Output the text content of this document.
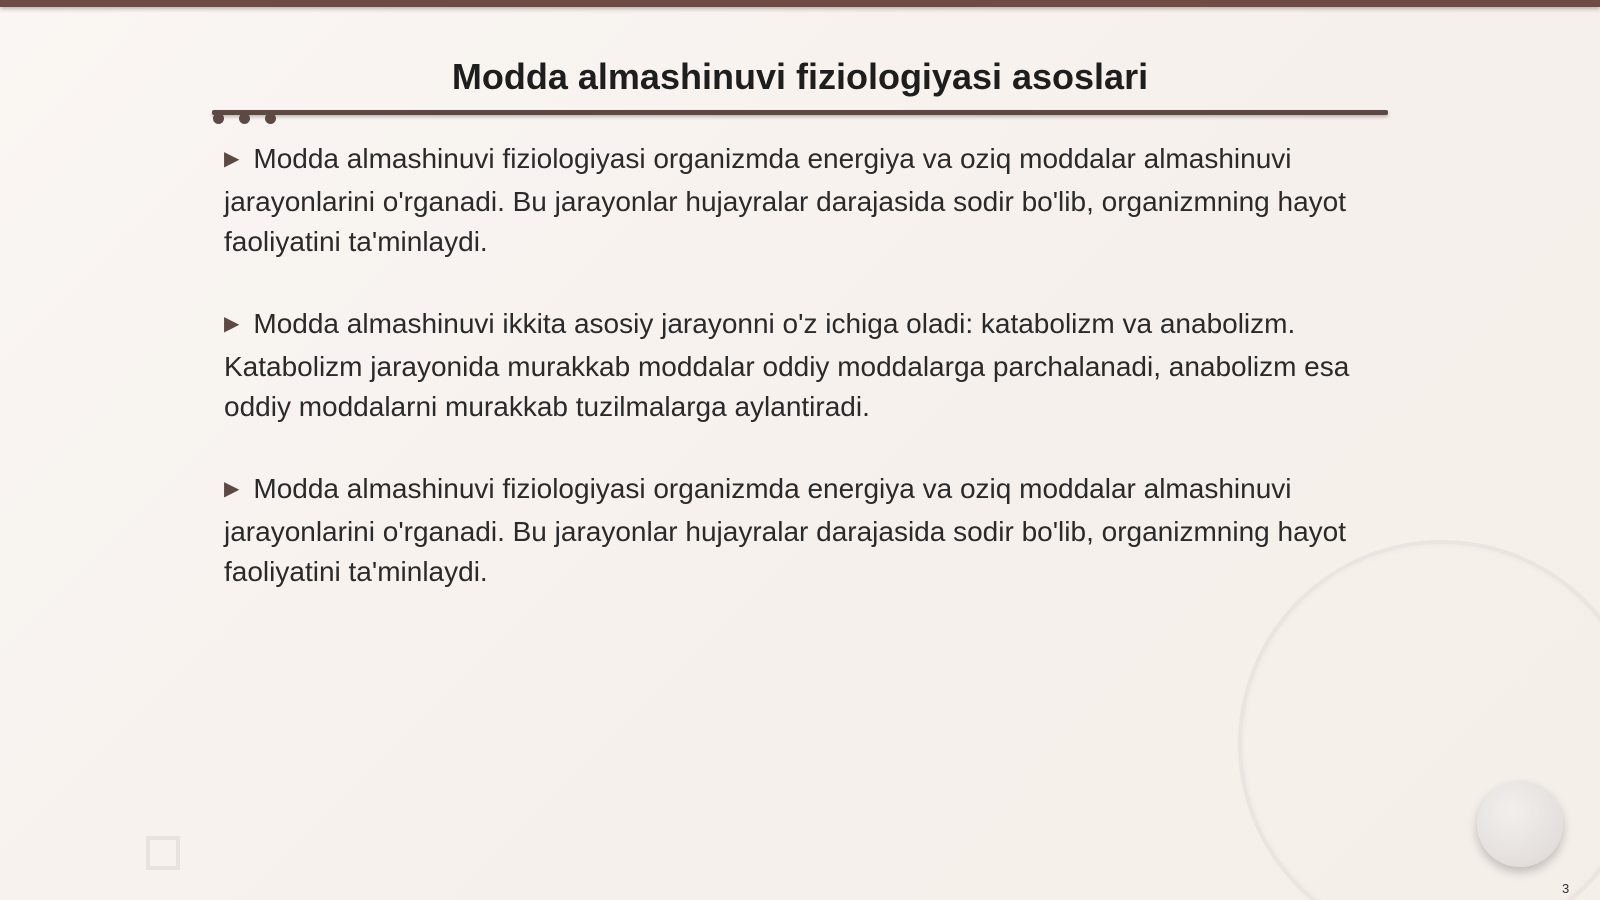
Modda almashinuvi fiziologiyasi asoslari
▶ Modda almashinuvi fiziologiyasi organizmda energiya va oziq moddalar almashinuvi jarayonlarini o'rganadi. Bu jarayonlar hujayralar darajasida sodir bo'lib, organizmning hayot faoliyatini ta'minlaydi.
▶ Modda almashinuvi ikkita asosiy jarayonni o'z ichiga oladi: katabolizm va anabolizm. Katabolizm jarayonida murakkab moddalar oddiy moddalarga parchalanadi, anabolizm esa oddiy moddalarni murakkab tuzilmalarga aylantiradi.
▶ Modda almashinuvi fiziologiyasi organizmda energiya va oziq moddalar almashinuvi jarayonlarini o'rganadi. Bu jarayonlar hujayralar darajasida sodir bo'lib, organizmning hayot faoliyatini ta'minlaydi.
3
